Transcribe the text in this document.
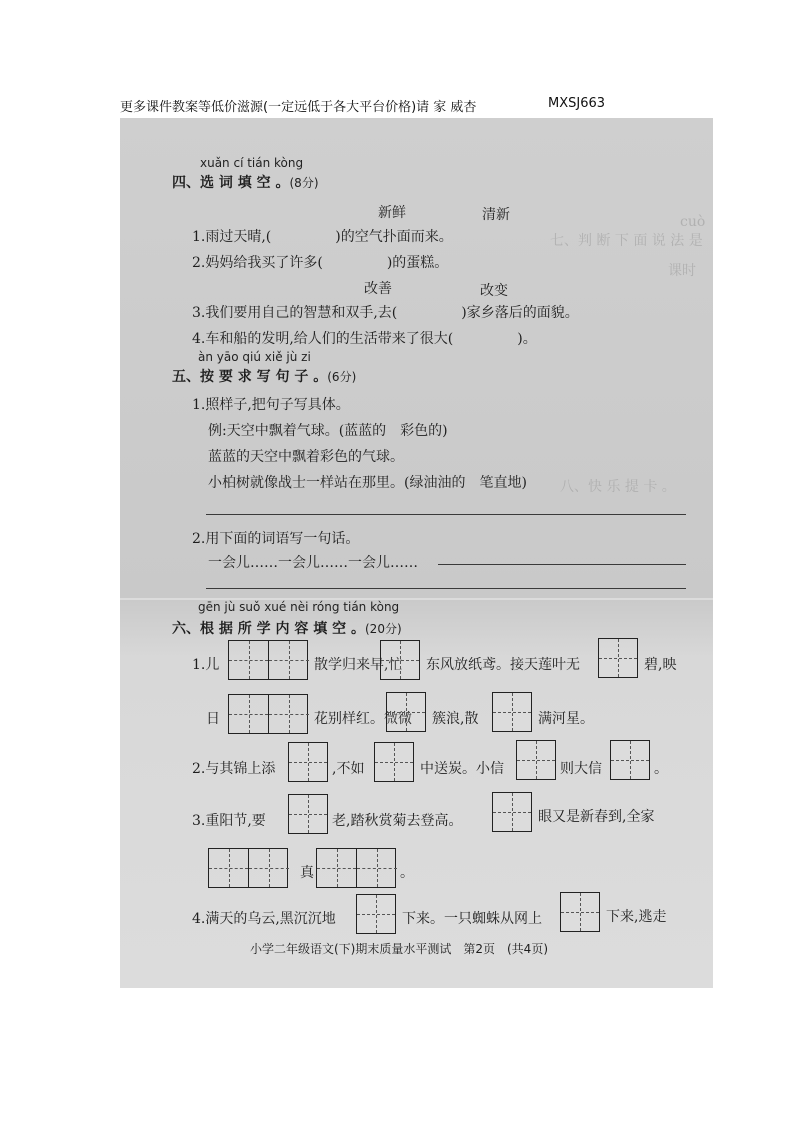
更多课件教案等低价滋源(一定远低于各大平台价格)请 家 威杏	MXSJ663
七、判 断 下 面 说 法 是
八、快 乐 提 卡 。
课时
cuò
xuǎn cí tián kòng
四、选 词 填 空 。(8分)
新鲜	清新
1.雨过天晴,(	)的空气扑面而来。
2.妈妈给我买了许多(	)的蛋糕。
改善	改变
3.我们要用自己的智慧和双手,去(	)家乡落后的面貌。
4.车和船的发明,给人们的生活带来了很大(	)。
àn yāo qiú xiě jù zi
五、按 要 求 写 句 子 。(6分)
1.照样子,把句子写具体。
例:天空中飘着气球。(蓝蓝的　彩色的)
蓝蓝的天空中飘着彩色的气球。
小柏树就像战士一样站在那里。(绿油油的　笔直地)
2.用下面的词语写一句话。
一会儿……一会儿……一会儿……
gēn jù suǒ xué nèi róng tián kòng
六、根 据 所 学 内 容 填 空 。(20分)
1.儿	散学归来早,忙 东风放纸鸢。接天莲叶无	碧,映
日	花别样红。微微 簇浪,散	满河星。
2.与其锦上添	,不如	中送炭。小信	则大信	。
3.重阳节,要	老,踏秋赏菊去登高。	眼又是新春到,全家
真	。
4.满天的乌云,黑沉沉地	下来。一只蜘蛛从网上	下来,逃走
小学二年级语文(下)期末质量水平测试　第2页　(共4页)
